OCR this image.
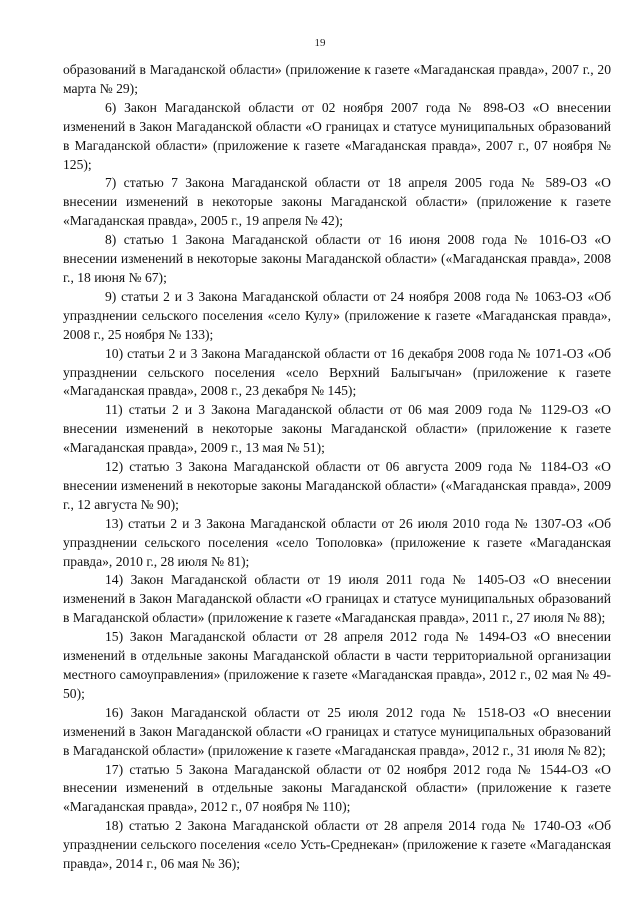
19

образований в Магаданской области» (приложение к газете «Магаданская правда», 2007 г., 20 марта № 29);

6) Закон Магаданской области от 02 ноября 2007 года № 898-ОЗ «О внесении изменений в Закон Магаданской области «О границах и статусе муниципальных образований в Магаданской области» (приложение к газете «Магаданская правда», 2007 г., 07 ноября № 125);

7) статью 7 Закона Магаданской области от 18 апреля 2005 года № 589-ОЗ «О внесении изменений в некоторые законы Магаданской области» (приложение к газете «Магаданская правда», 2005 г., 19 апреля № 42);

8) статью 1 Закона Магаданской области от 16 июня 2008 года № 1016-ОЗ «О внесении изменений в некоторые законы Магаданской области» («Магаданская правда», 2008 г., 18 июня № 67);

9) статьи 2 и 3 Закона Магаданской области от 24 ноября 2008 года № 1063-ОЗ «Об упразднении сельского поселения «село Кулу» (приложение к газете «Магаданская правда», 2008 г., 25 ноября № 133);

10) статьи 2 и 3 Закона Магаданской области от 16 декабря 2008 года № 1071-ОЗ «Об упразднении сельского поселения «село Верхний Балыгычан» (приложение к газете «Магаданская правда», 2008 г., 23 декабря № 145);

11) статьи 2 и 3 Закона Магаданской области от 06 мая 2009 года № 1129-ОЗ «О внесении изменений в некоторые законы Магаданской области» (приложение к газете «Магаданская правда», 2009 г., 13 мая № 51);

12) статью 3 Закона Магаданской области от 06 августа 2009 года № 1184-ОЗ «О внесении изменений в некоторые законы Магаданской области» («Магаданская правда», 2009 г., 12 августа № 90);

13) статьи 2 и 3 Закона Магаданской области от 26 июля 2010 года № 1307-ОЗ «Об упразднении сельского поселения «село Тополовка» (приложение к газете «Магаданская правда», 2010 г., 28 июля № 81);

14) Закон Магаданской области от 19 июля 2011 года № 1405-ОЗ «О внесении изменений в Закон Магаданской области «О границах и статусе муниципальных образований в Магаданской области» (приложение к газете «Магаданская правда», 2011 г., 27 июля № 88);

15) Закон Магаданской области от 28 апреля 2012 года № 1494-ОЗ «О внесении изменений в отдельные законы Магаданской области в части территориальной организации местного самоуправления» (приложение к газете «Магаданская правда», 2012 г., 02 мая № 49-50);

16) Закон Магаданской области от 25 июля 2012 года № 1518-ОЗ «О внесении изменений в Закон Магаданской области «О границах и статусе муниципальных образований в Магаданской области» (приложение к газете «Магаданская правда», 2012 г., 31 июля № 82);

17) статью 5 Закона Магаданской области от 02 ноября 2012 года № 1544-ОЗ «О внесении изменений в отдельные законы Магаданской области» (приложение к газете «Магаданская правда», 2012 г., 07 ноября № 110);

18) статью 2 Закона Магаданской области от 28 апреля 2014 года № 1740-ОЗ «Об упразднении сельского поселения «село Усть-Среднекан» (приложение к газете «Магаданская правда», 2014 г., 06 мая № 36);
